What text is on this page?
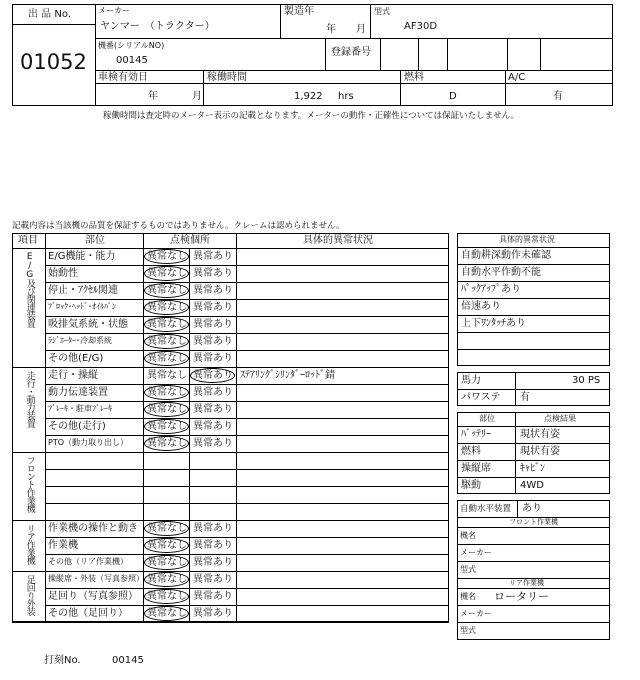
出 品 No.
01052
メーカー
ヤンマー　（トラクター）
製造年
年 月
型式
AF30D
機番(シリアルNO)
00145
登録番号
車検有効日
年	月
稼働時間
1,922 hrs
燃料
D
A/C
有
稼働時間は査定時のメーター表示の記載となります。メーターの動作・正確性については保証いたしません。
記載内容は当該機の品質を保証するものではありません。クレームは認められません。
項目	部位	点検個所	具体的異常状況
E/G機能・能力	異常なし 異常あり
始動性	異常なし 異常あり
停止・ｱｸｾﾙ関連	異常なし 異常あり
ﾌﾞﾛｯｸ･ﾍｯﾄﾞ･ｵｲﾙﾊﾟﾝ	異常なし 異常あり
吸排気系統・状態 異常なし 異常あり
ﾗｼﾞｴｰﾀｰ･冷却系統	異常なし 異常あり
その他(E/G)	異常なし 異常あり
E/G及び関連装置
走行・操縦	異常なし 異常あり ｽﾃｱﾘﾝｸﾞｼﾘﾝﾀﾞｰﾛｯﾄﾞ錆
動力伝達装置	異常なし 異常あり
ﾌﾞﾚｰｷ・駐車ﾌﾞﾚｰｷ	異常なし 異常あり
その他(走行)	異常なし 異常あり
PTO（動力取り出し） 異常なし 異常あり
走行・動力装置
フロント作業機
作業機の操作と動き 異常なし 異常あり
作業機	異常なし 異常あり
その他（リア作業機） 異常なし 異常あり
リア作業機
操縦席・外装（写真参照） 異常なし 異常あり
足回り（写真参照） 異常なし 異常あり
その他（足回り） 異常なし 異常あり
足回り外装
具体的異常状況
自動耕深動作未確認
自動水平作動不能
ﾊﾟｯｸｱｯﾌﾟあり
倍速あり
上下ﾜﾝﾀｯﾁあり
馬力	30 PS
パワステ 有
部位	点検結果
ﾊﾞｯﾃﾘｰ	現状有姿
燃料	現状有姿
操縦席	ｷｬﾋﾞﾝ
駆動	4WD
自動水平装置 あり
フロント作業機
機名
メーカー
型式
リア作業機
機名 ロータリー
メーカー
型式
打刻No.	00145
